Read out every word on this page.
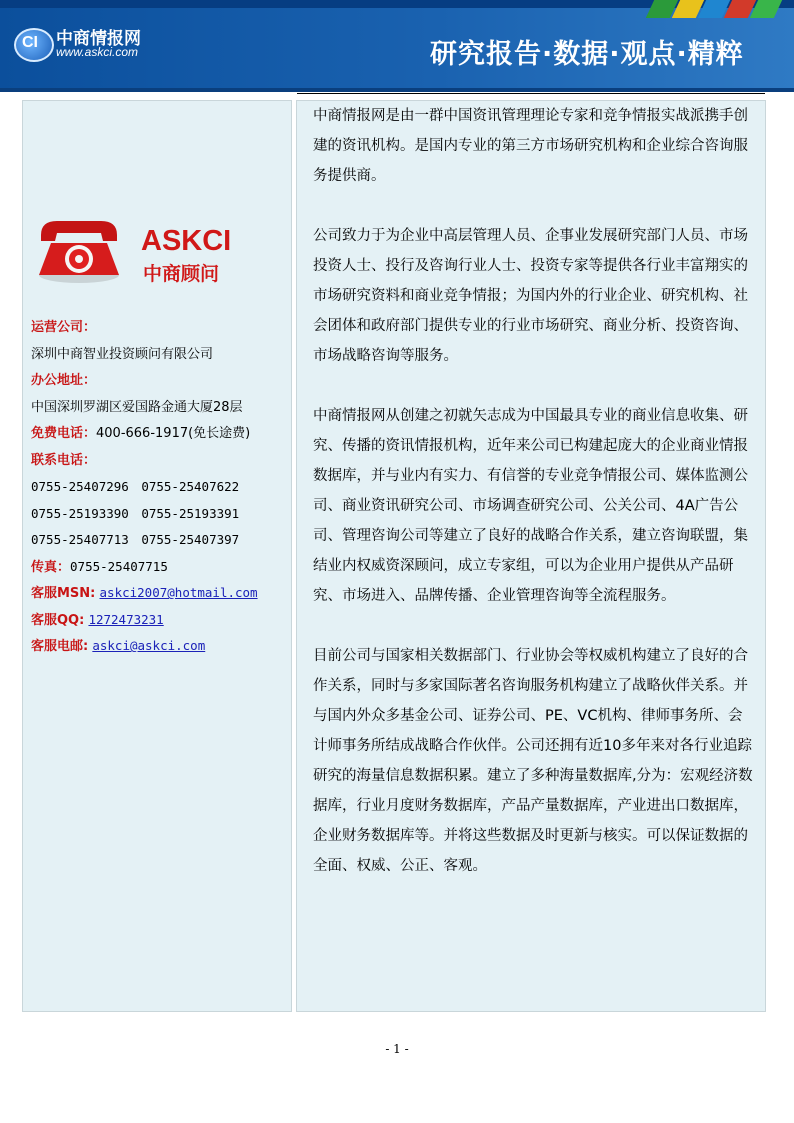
CI 中商情报网
www.askci.com	研究报告·数据·观点·精粹
ASKCI
中商顾问
运营公司：
深圳中商智业投资顾问有限公司
办公地址：
中国深圳罗湖区爱国路金通大厦28层
免费电话：400-666-1917(免长途费)
联系电话：
0755-25407296　0755-25407622
0755-25193390　0755-25193391
0755-25407713　0755-25407397
传真：0755-25407715
客服MSN: askci2007@hotmail.com
客服QQ: 1272473231
客服电邮: askci@askci.com

中商情报网是由一群中国资讯管理理论专家和竞争情报实战派携手创建的资讯机构。是国内专业的第三方市场研究机构和企业综合咨询服务提供商。

公司致力于为企业中高层管理人员、企事业发展研究部门人员、市场投资人士、投行及咨询行业人士、投资专家等提供各行业丰富翔实的市场研究资料和商业竞争情报；为国内外的行业企业、研究机构、社会团体和政府部门提供专业的行业市场研究、商业分析、投资咨询、市场战略咨询等服务。

中商情报网从创建之初就矢志成为中国最具专业的商业信息收集、研究、传播的资讯情报机构，近年来公司已构建起庞大的企业商业情报数据库，并与业内有实力、有信誉的专业竞争情报公司、媒体监测公司、商业资讯研究公司、市场调查研究公司、公关公司、4A广告公司、管理咨询公司等建立了良好的战略合作关系，建立咨询联盟，集结业内权威资深顾问，成立专家组，可以为企业用户提供从产品研究、市场进入、品牌传播、企业管理咨询等全流程服务。

目前公司与国家相关数据部门、行业协会等权威机构建立了良好的合作关系，同时与多家国际著名咨询服务机构建立了战略伙伴关系。并与国内外众多基金公司、证券公司、PE、VC机构、律师事务所、会计师事务所结成战略合作伙伴。公司还拥有近10多年来对各行业追踪研究的海量信息数据积累。建立了多种海量数据库,分为：宏观经济数据库，行业月度财务数据库，产品产量数据库，产业进出口数据库，企业财务数据库等。并将这些数据及时更新与核实。可以保证数据的全面、权威、公正、客观。

- 1 -
